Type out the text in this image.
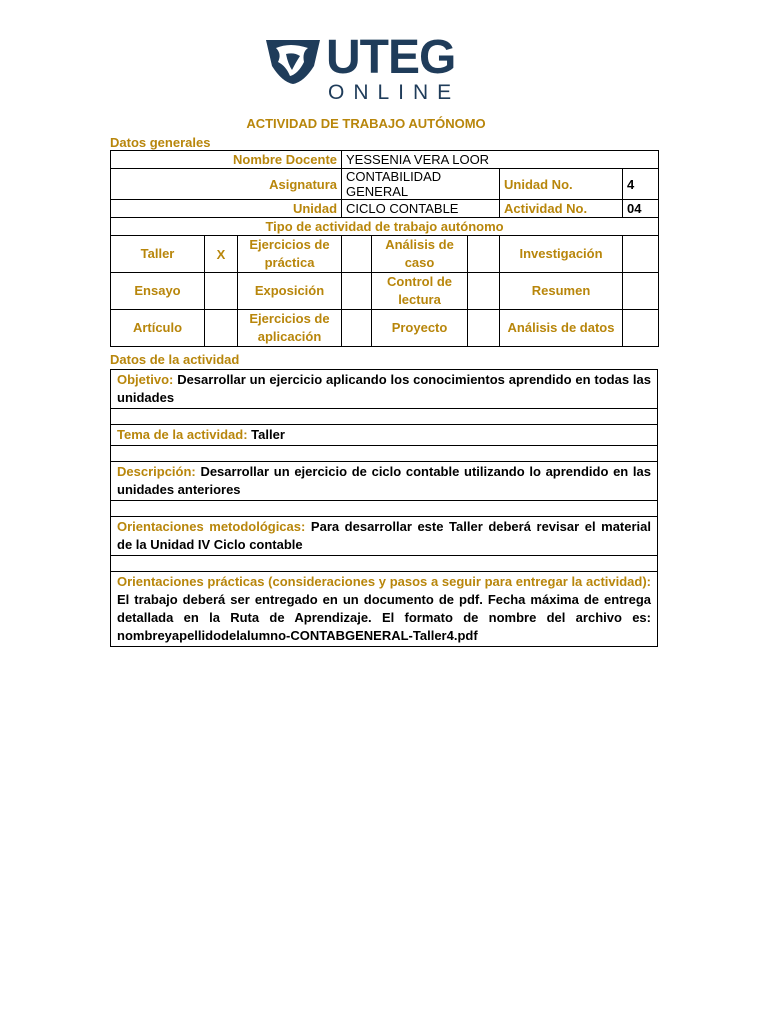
UTEG
ONLINE
ACTIVIDAD DE TRABAJO AUTÓNOMO
Datos generales
Nombre Docente			YESSENIA VERA LOOR				
Asignatura			CONTABILIDAD GENERAL			Unidad No.	4
Unidad			CICLO CONTABLE			Actividad No.	04
Tipo de actividad de trabajo autónomo							
Taller	X	Ejercicios de práctica		Análisis de caso		Investigación	
Ensayo		Exposición		Control de lectura		Resumen	
Artículo		Ejercicios de aplicación		Proyecto		Análisis de datos	
Datos de la actividad
Objetivo: Desarrollar un ejercicio aplicando los conocimientos aprendido en todas las unidades

Tema de la actividad: Taller

Descripción: Desarrollar un ejercicio de ciclo contable utilizando lo aprendido en las unidades anteriores

Orientaciones metodológicas: Para desarrollar este Taller deberá revisar el material de la Unidad IV Ciclo contable

Orientaciones prácticas (consideraciones y pasos a seguir para entregar la actividad): El trabajo deberá ser entregado en un documento de pdf. Fecha máxima de entrega detallada en la Ruta de Aprendizaje. El formato de nombre del archivo es: nombreyapellidodelalumno-CONTABGENERAL-Taller4.pdf
